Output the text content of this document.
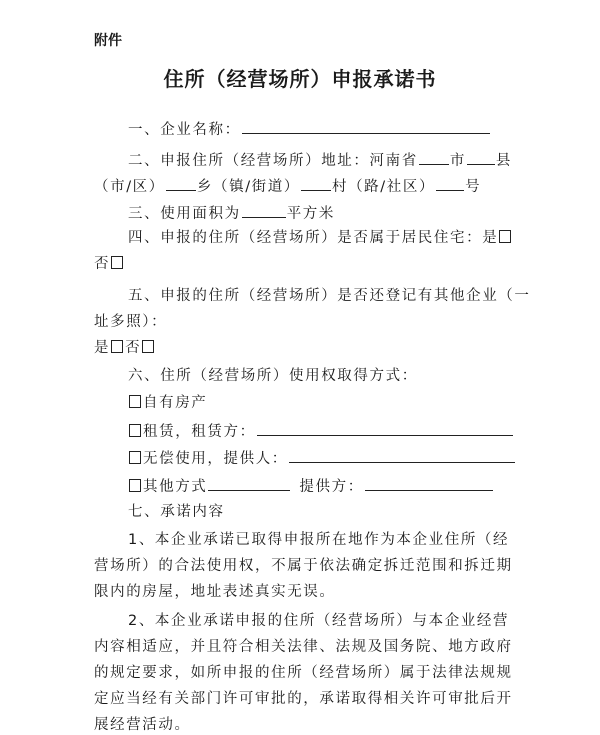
附件
住所（经营场所）申报承诺书
一、企业名称：
二、申报住所（经营场所）地址：河南省 市 县
（市/区） 乡（镇/街道） 村（路/社区） 号
三、使用面积为	平方米
四、申报的住所（经营场所）是否属于居民住宅：是
否
五、申报的住所（经营场所）是否还登记有其他企业（一
址多照）：
是 否
六、住所（经营场所）使用权取得方式：
自有房产
租赁，租赁方：
无偿使用，提供人：
其他方式	提供方：
七、承诺内容
1、本企业承诺已取得申报所在地作为本企业住所（经
营场所）的合法使用权，不属于依法确定拆迁范围和拆迁期
限内的房屋，地址表述真实无误。
2、本企业承诺申报的住所（经营场所）与本企业经营
内容相适应，并且符合相关法律、法规及国务院、地方政府
的规定要求，如所申报的住所（经营场所）属于法律法规规
定应当经有关部门许可审批的，承诺取得相关许可审批后开
展经营活动。
